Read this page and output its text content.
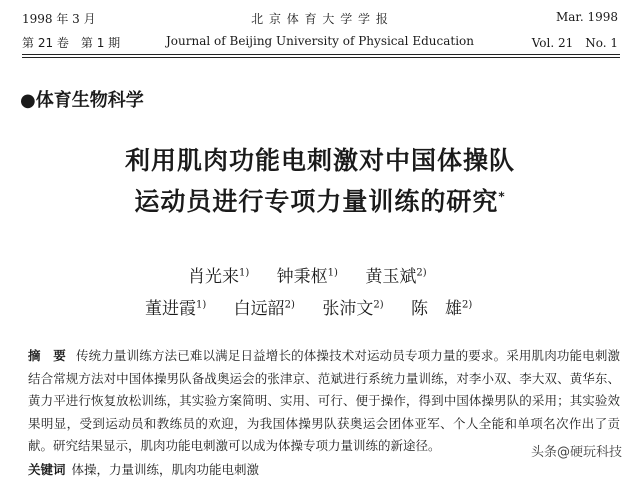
1998 年 3 月	北 京 体 育 大 学 学 报	Mar. 1998
第 21 卷　第 1 期	Journal of Beijing University of Physical Education	Vol. 21　No. 1
●体育生物科学
利用肌肉功能电刺激对中国体操队
运动员进行专项力量训练的研究*
肖光来$^{1)}$ 钟秉枢$^{1)}$ 黄玉斌$^{2)}$
董进霞$^{1)}$ 白远韶$^{2)}$ 张沛文$^{2)}$ 陈　雄$^{2)}$
摘　要 传统力量训练方法已难以满足日益增长的体操技术对运动员专项力量的要求。采用肌肉功能电刺激结合常规方法对中国体操男队备战奥运会的张津京、范斌进行系统力量训练，对李小双、李大双、黄华东、黄力平进行恢复放松训练，其实验方案简明、实用、可行、便于操作，得到中国体操男队的采用；其实验效果明显，受到运动员和教练员的欢迎，为我国体操男队获奥运会团体亚军、个人全能和单项名次作出了贡献。研究结果显示，肌肉功能电刺激可以成为体操专项力量训练的新途径。
关键词 体操，力量训练，肌肉功能电刺激
头条@硬玩科技
